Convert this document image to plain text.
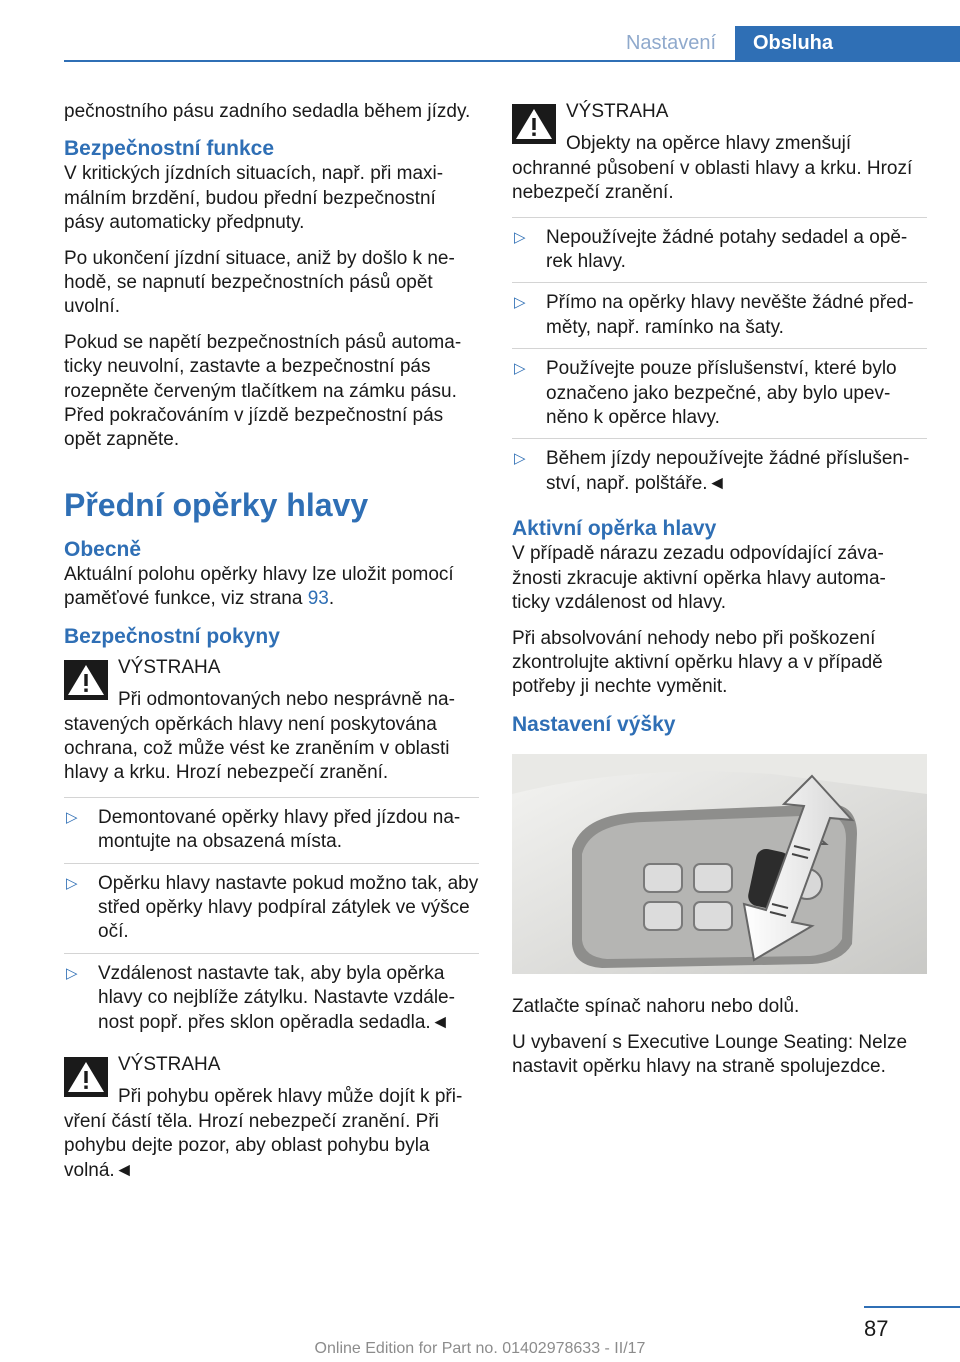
Nastavení	Obsluha

pečnostního pásu zadního sedadla během jízdy.

Bezpečnostní funkce

V kritických jízdních situacích, např. při maxi- málním brzdění, budou přední bezpečnostní pásy automaticky předpnuty.

Po ukončení jízdní situace, aniž by došlo k ne- hodě, se napnutí bezpečnostních pásů opět uvolní.

Pokud se napětí bezpečnostních pásů automa- ticky neuvolní, zastavte a bezpečnostní pás rozepněte červeným tlačítkem na zámku pásu. Před pokračováním v jízdě bezpečnostní pás opět zapněte.

Přední opěrky hlavy
Obecně

Aktuální polohu opěrky hlavy lze uložit pomocí paměťové funkce, viz strana 93.

Bezpečnostní pokyny
VÝSTRAHA

Při odmontovaných nebo nesprávně na- stavených opěrkách hlavy není poskytována ochrana, což může vést ke zraněním v oblasti hlavy a krku. Hrozí nebezpečí zranění.

▷ Demontované opěrky hlavy před jízdou na- montujte na obsazená místa.
▷ Opěrku hlavy nastavte pokud možno tak, aby střed opěrky hlavy podpíral zátylek ve výšce očí.
▷ Vzdálenost nastavte tak, aby byla opěrka hlavy co nejblíže zátylku. Nastavte vzdále- nost popř. přes sklon opěradla sedadla.◄
VÝSTRAHA

Při pohybu opěrek hlavy může dojít k při- vření částí těla. Hrozí nebezpečí zranění. Při pohybu dejte pozor, aby oblast pohybu byla volná.◄

VÝSTRAHA

Objekty na opěrce hlavy zmenšují ochranné působení v oblasti hlavy a krku. Hrozí nebezpečí zranění.

▷ Nepoužívejte žádné potahy sedadel a opě- rek hlavy.
▷ Přímo na opěrky hlavy nevěšte žádné před- měty, např. ramínko na šaty.
▷ Používejte pouze příslušenství, které bylo označeno jako bezpečné, aby bylo upev- něno k opěrce hlavy.
▷ Během jízdy nepoužívejte žádné příslušen- ství, např. polštáře.◄
Aktivní opěrka hlavy

V případě nárazu zezadu odpovídající záva- žnosti zkracuje aktivní opěrka hlavy automa- ticky vzdálenost od hlavy.

Při absolvování nehody nebo při poškození zkontrolujte aktivní opěrku hlavy a v případě potřeby ji nechte vyměnit.

Nastavení výšky

Zatlačte spínač nahoru nebo dolů.

U vybavení s Executive Lounge Seating: Nelze nastavit opěrku hlavy na straně spolujezdce.

87
Online Edition for Part no. 01402978633 - II/17
